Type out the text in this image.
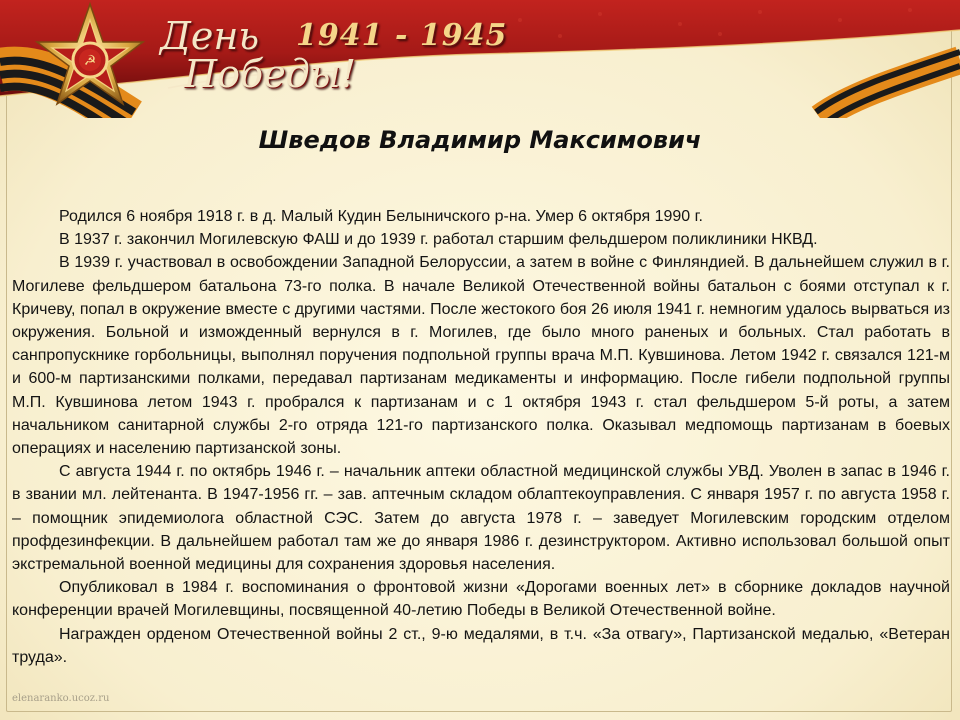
☭
День
Победы!
1941 - 1945
Шведов Владимир Максимович

Родился 6 ноября 1918 г. в д. Малый Кудин Белыничского р-на. Умер 6 октября 1990 г.

В 1937 г. закончил Могилевскую ФАШ и до 1939 г. работал старшим фельдшером поликлиники НКВД.

В 1939 г. участвовал в освобождении Западной Белоруссии, а затем в войне с Финляндией. В дальнейшем служил в г. Могилеве фельдшером батальона 73-го полка. В начале Великой Отечественной войны батальон с боями отступал к г. Кричеву, попал в окружение вместе с другими частями. После жестокого боя 26 июля 1941 г. немногим удалось вырваться из окружения. Больной и изможденный вернулся в г. Могилев, где было много раненых и больных. Стал работать в санпропускнике горбольницы, выполнял поручения подпольной группы врача М.П. Кувшинова. Летом 1942 г. связался 121-м и 600-м партизанскими полками, передавал партизанам медикаменты и информацию. После гибели подпольной группы М.П. Кувшинова летом 1943 г. пробрался к партизанам и с 1 октября 1943 г. стал фельдшером 5-й роты, а затем начальником санитарной службы 2-го отряда 121-го партизанского полка. Оказывал медпомощь партизанам в боевых операциях и населению партизанской зоны.

С августа 1944 г. по октябрь 1946 г. – начальник аптеки областной медицинской службы УВД. Уволен в запас в 1946 г. в звании мл. лейтенанта. В 1947-1956 гг. – зав. аптечным складом облаптекоуправления. С января 1957 г. по августа 1958 г. – помощник эпидемиолога областной СЭС. Затем до августа 1978 г. – заведует Могилевским городским отделом профдезинфекции. В дальнейшем работал там же до января 1986 г. дезинструктором. Активно использовал большой опыт экстремальной военной медицины для сохранения здоровья населения.

Опубликовал в 1984 г. воспоминания о фронтовой жизни «Дорогами военных лет» в сборнике докладов научной конференции врачей Могилевщины, посвященной 40-летию Победы в Великой Отечественной войне.

Награжден орденом Отечественной войны 2 ст., 9-ю медалями, в т.ч. «За отвагу», Партизанской медалью, «Ветеран труда».

elenaranko.ucoz.ru
